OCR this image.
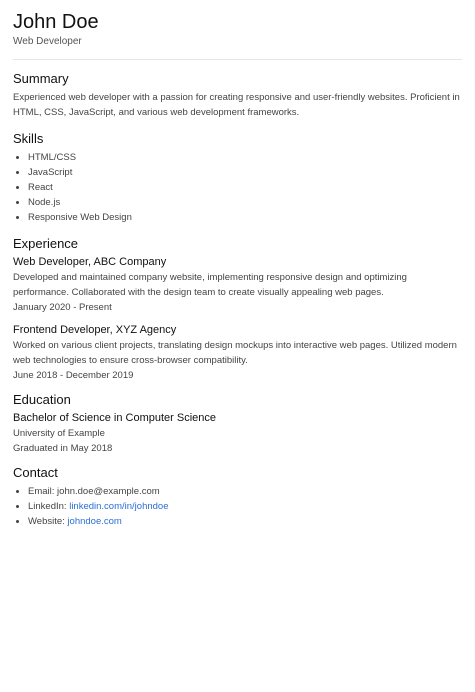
John Doe
Web Developer
Summary

Experienced web developer with a passion for creating responsive and user-friendly websites. Proficient in HTML, CSS, JavaScript, and various web development frameworks.

Skills
• HTML/CSS
• JavaScript
• React
• Node.js
• Responsive Web Design
Experience
Web Developer, ABC Company

Developed and maintained company website, implementing responsive design and optimizing performance. Collaborated with the design team to create visually appealing web pages.

January 2020 - Present

Frontend Developer, XYZ Agency

Worked on various client projects, translating design mockups into interactive web pages. Utilized modern web technologies to ensure cross-browser compatibility.

June 2018 - December 2019

Education
Bachelor of Science in Computer Science

University of Example

Graduated in May 2018

Contact
• Email: john.doe@example.com
• LinkedIn: linkedin.com/in/johndoe
• Website: johndoe.com
